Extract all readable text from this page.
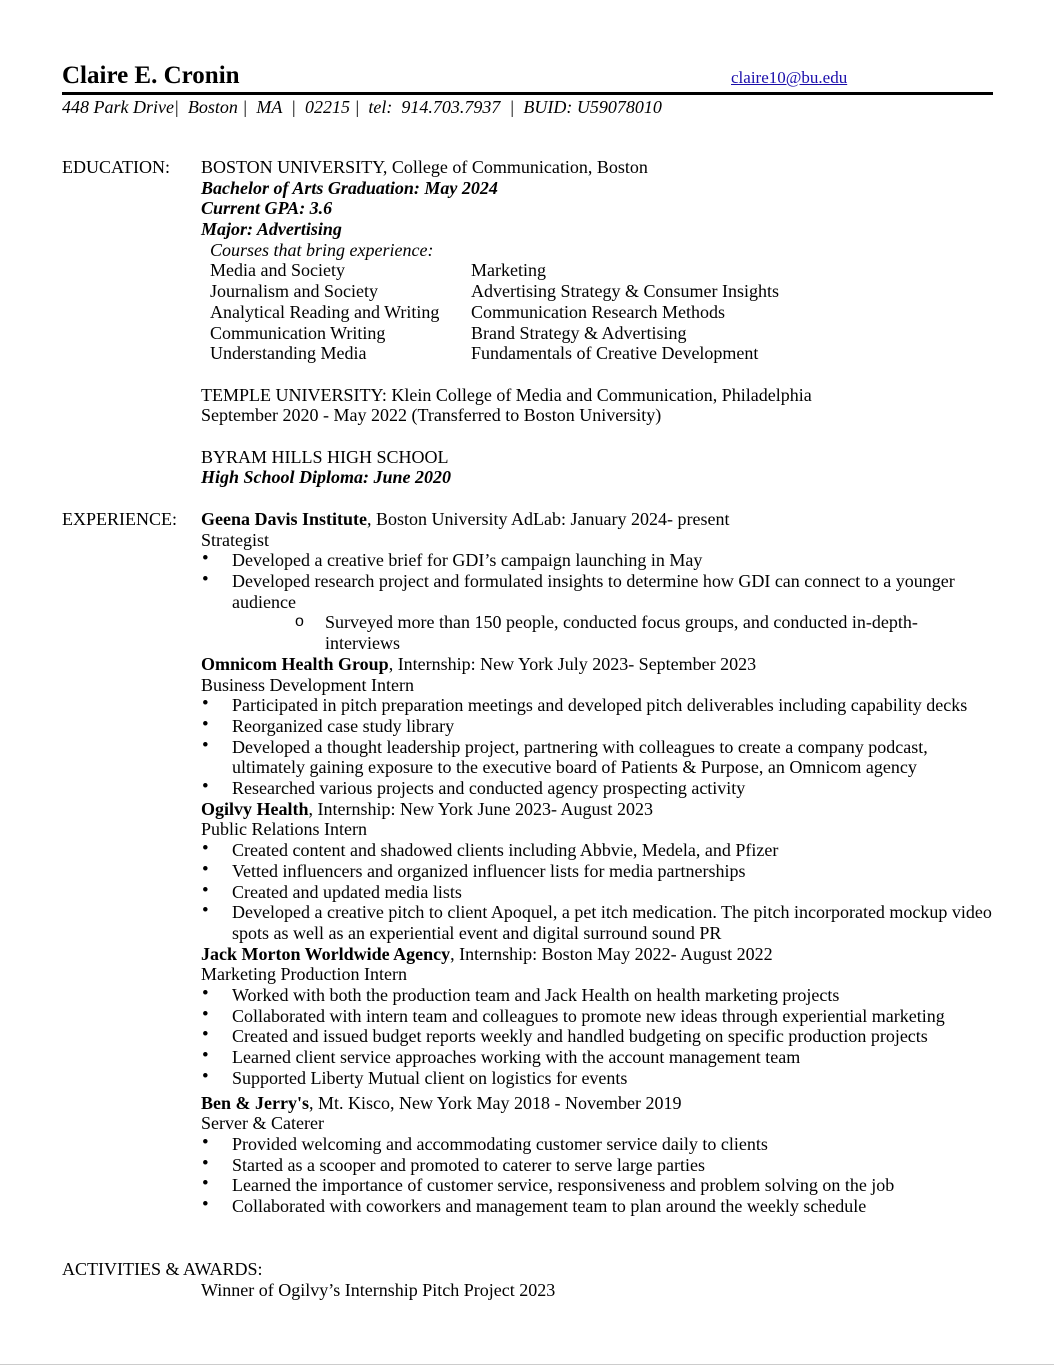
Claire E. Cronin	claire10@bu.edu
448 Park Drive|  Boston |  MA  |  02215 |  tel:  914.703.7937  |  BUID: U59078010
EDUCATION: BOSTON UNIVERSITY, College of Communication, Boston
Bachelor of Arts Graduation: May 2024
Current GPA: 3.6
Major: Advertising
Courses that bring experience:
Media and Society	Marketing
Journalism and Society	Advertising Strategy & Consumer Insights
Analytical Reading and Writing	Communication Research Methods
Communication Writing	Brand Strategy & Advertising
Understanding Media	Fundamentals of Creative Development
TEMPLE UNIVERSITY: Klein College of Media and Communication, Philadelphia
September 2020 - May 2022 (Transferred to Boston University)
BYRAM HILLS HIGH SCHOOL
High School Diploma: June 2020
EXPERIENCE: Geena Davis Institute, Boston University AdLab: January 2024- present
Strategist
• Developed a creative brief for GDI’s campaign launching in May
• Developed research project and formulated insights to determine how GDI can connect to a younger audience
o Surveyed more than 150 people, conducted focus groups, and conducted in-depth-interviews
Omnicom Health Group, Internship: New York July 2023- September 2023
Business Development Intern
• Participated in pitch preparation meetings and developed pitch deliverables including capability decks
• Reorganized case study library
• Developed a thought leadership project, partnering with colleagues to create a company podcast, ultimately gaining exposure to the executive board of Patients & Purpose, an Omnicom agency
• Researched various projects and conducted agency prospecting activity
Ogilvy Health, Internship: New York June 2023- August 2023
Public Relations Intern
• Created content and shadowed clients including Abbvie, Medela, and Pfizer
• Vetted influencers and organized influencer lists for media partnerships
• Created and updated media lists
• Developed a creative pitch to client Apoquel, a pet itch medication. The pitch incorporated mockup video spots as well as an experiential event and digital surround sound PR
Jack Morton Worldwide Agency, Internship: Boston May 2022- August 2022
Marketing Production Intern
• Worked with both the production team and Jack Health on health marketing projects
• Collaborated with intern team and colleagues to promote new ideas through experiential marketing
• Created and issued budget reports weekly and handled budgeting on specific production projects
• Learned client service approaches working with the account management team
• Supported Liberty Mutual client on logistics for events
Ben & Jerry's, Mt. Kisco, New York May 2018 - November 2019
Server & Caterer
• Provided welcoming and accommodating customer service daily to clients
• Started as a scooper and promoted to caterer to serve large parties
• Learned the importance of customer service, responsiveness and problem solving on the job
• Collaborated with coworkers and management team to plan around the weekly schedule
ACTIVITIES & AWARDS:
Winner of Ogilvy’s Internship Pitch Project 2023
